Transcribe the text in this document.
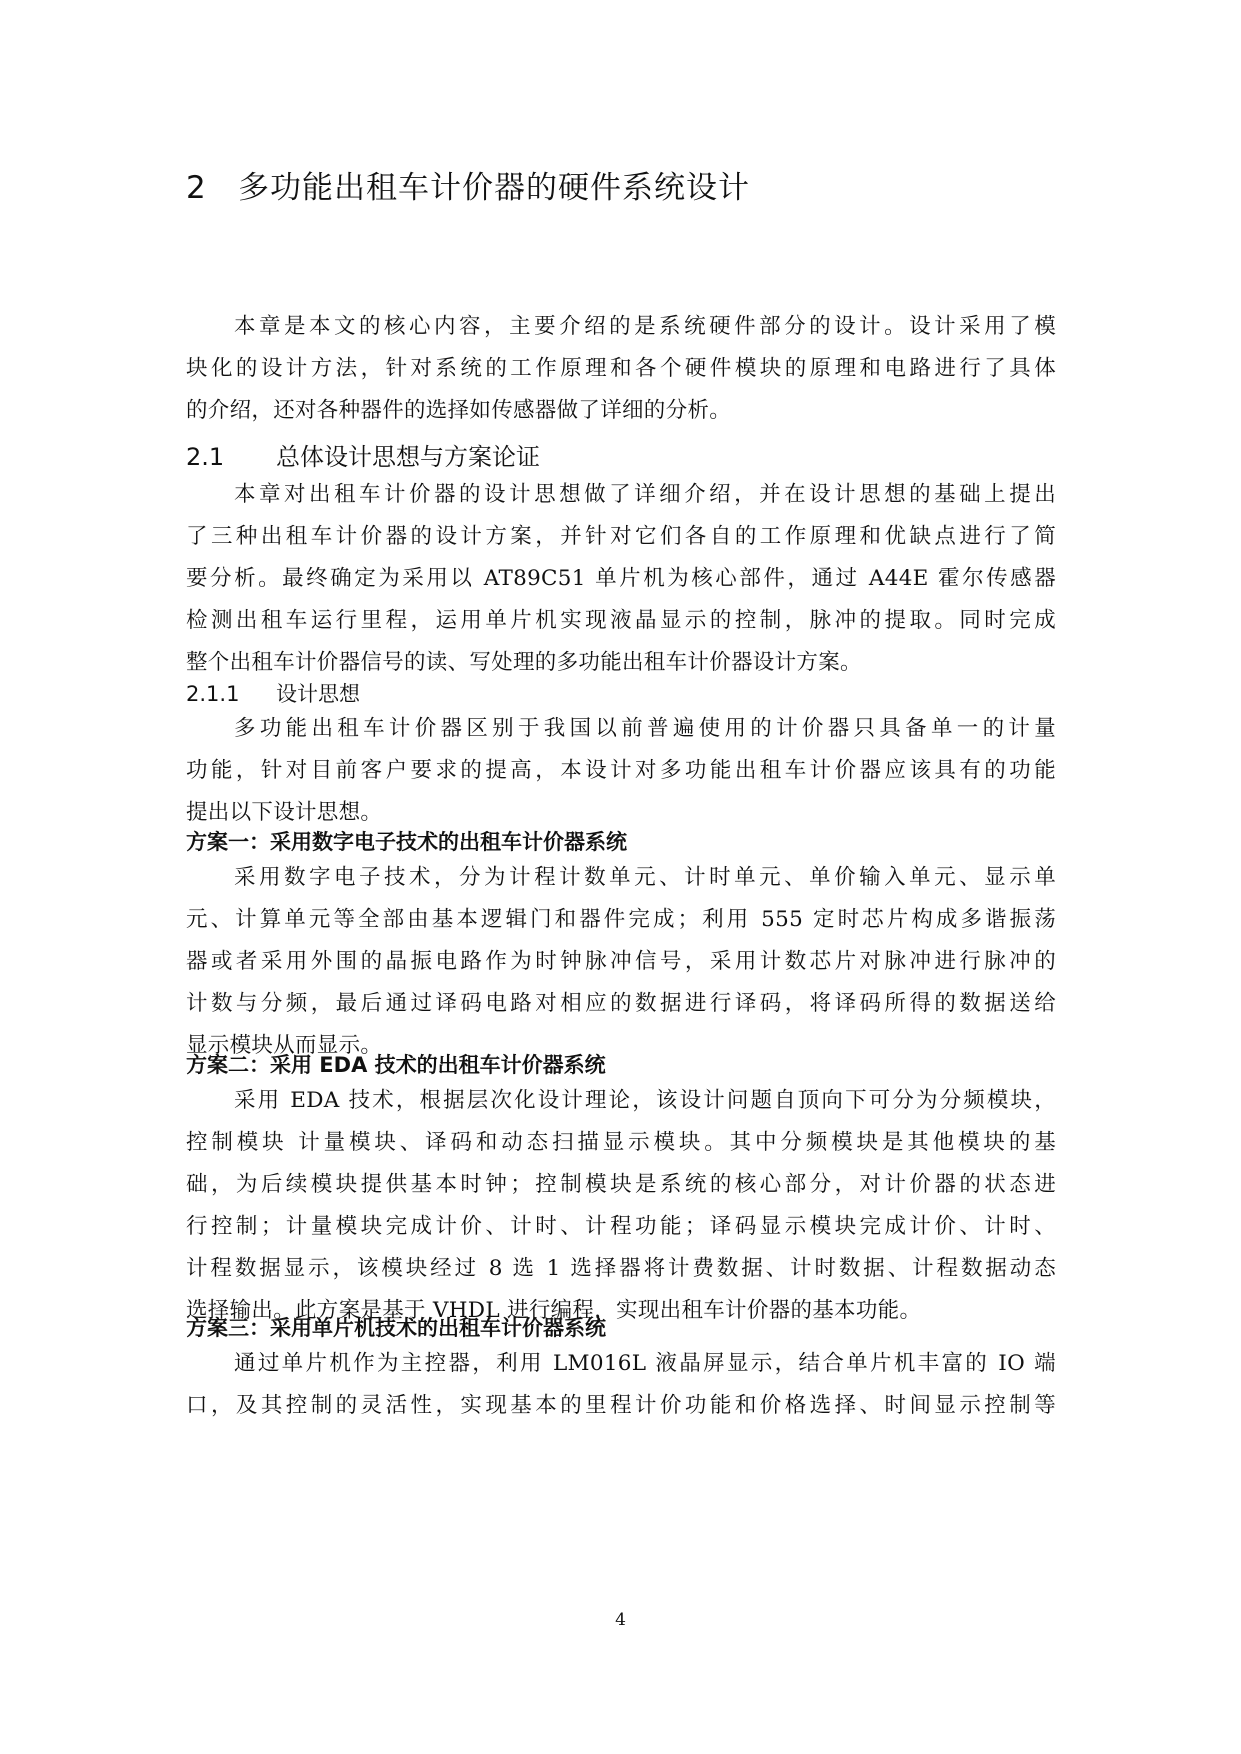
2 多功能出租车计价器的硬件系统设计
本章是本文的核心内容，主要介绍的是系统硬件部分的设计。设计采用了模
块化的设计方法，针对系统的工作原理和各个硬件模块的原理和电路进行了具体
的介绍，还对各种器件的选择如传感器做了详细的分析。
2.1 总体设计思想与方案论证
本章对出租车计价器的设计思想做了详细介绍，并在设计思想的基础上提出
了三种出租车计价器的设计方案，并针对它们各自的工作原理和优缺点进行了简
要分析。最终确定为采用以 AT89C51 单片机为核心部件，通过 A44E 霍尔传感器
检测出租车运行里程，运用单片机实现液晶显示的控制，脉冲的提取。同时完成
整个出租车计价器信号的读、写处理的多功能出租车计价器设计方案。
2.1.1 设计思想
多功能出租车计价器区别于我国以前普遍使用的计价器只具备单一的计量
功能，针对目前客户要求的提高，本设计对多功能出租车计价器应该具有的功能
提出以下设计思想。
方案一：采用数字电子技术的出租车计价器系统
采用数字电子技术，分为计程计数单元、计时单元、单价输入单元、显示单
元、计算单元等全部由基本逻辑门和器件完成；利用 555 定时芯片构成多谐振荡
器或者采用外围的晶振电路作为时钟脉冲信号，采用计数芯片对脉冲进行脉冲的
计数与分频，最后通过译码电路对相应的数据进行译码，将译码所得的数据送给
显示模块从而显示。
方案二：采用 EDA 技术的出租车计价器系统
采用 EDA 技术，根据层次化设计理论，该设计问题自顶向下可分为分频模块，
控制模块 计量模块、译码和动态扫描显示模块。其中分频模块是其他模块的基
础，为后续模块提供基本时钟；控制模块是系统的核心部分，对计价器的状态进
行控制；计量模块完成计价、计时、计程功能；译码显示模块完成计价、计时、
计程数据显示，该模块经过 8 选 1 选择器将计费数据、计时数据、计程数据动态
选择输出。此方案是基于 VHDL 进行编程，实现出租车计价器的基本功能。
方案三：采用单片机技术的出租车计价器系统
通过单片机作为主控器，利用 LM016L 液晶屏显示，结合单片机丰富的 IO 端
口，及其控制的灵活性，实现基本的里程计价功能和价格选择、时间显示控制等
4
